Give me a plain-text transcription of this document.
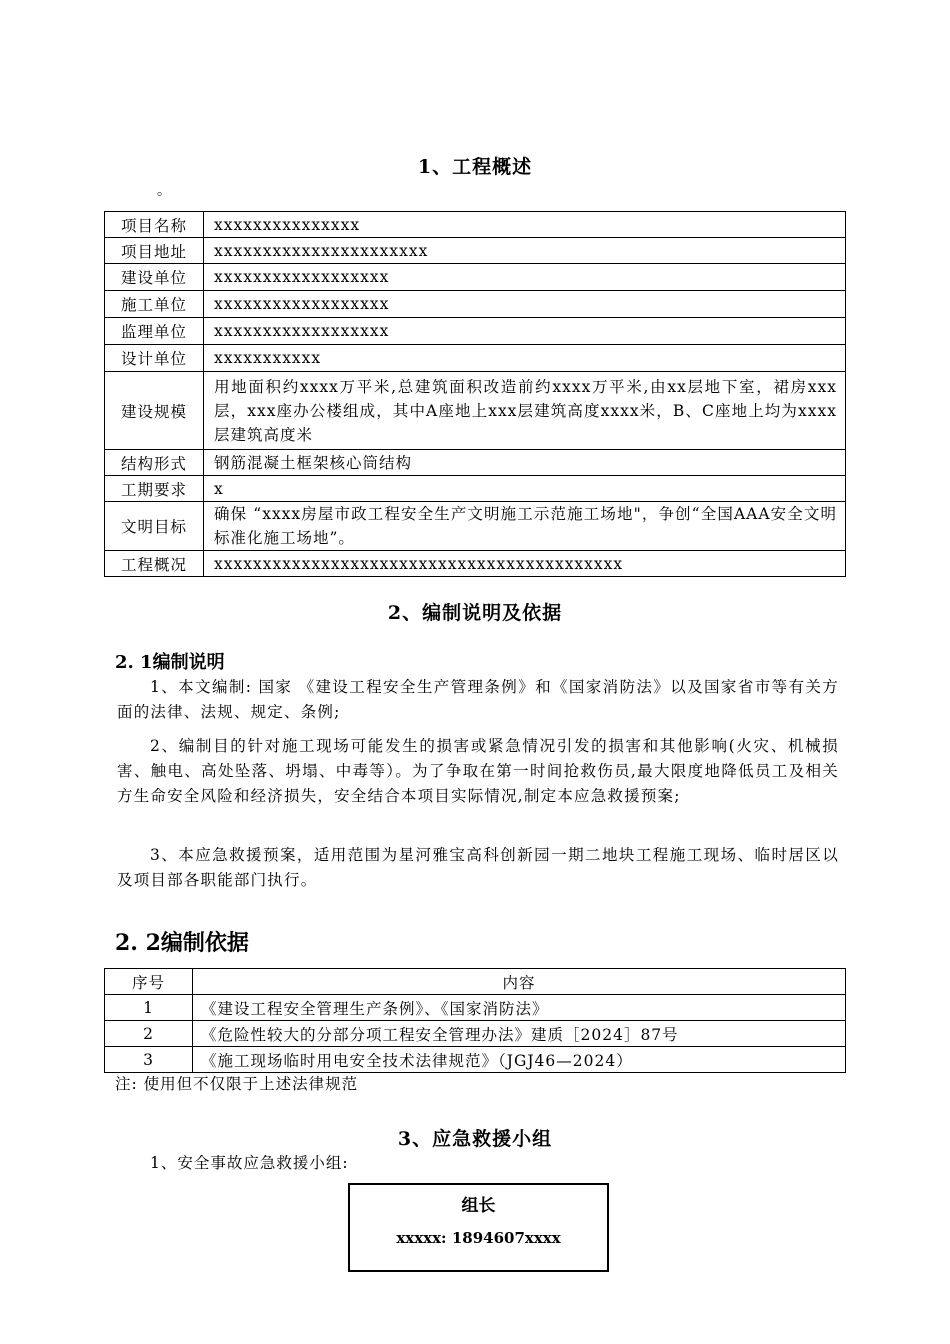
1、工程概述
。
项目名称	xxxxxxxxxxxxxxx
项目地址	xxxxxxxxxxxxxxxxxxxxxx
建设单位	xxxxxxxxxxxxxxxxxx
施工单位	xxxxxxxxxxxxxxxxxx
监理单位	xxxxxxxxxxxxxxxxxx
设计单位	xxxxxxxxxxx
建设规模	用地面积约xxxx万平米,总建筑面积改造前约xxxx万平米,由xx层地下室，裙房xxx层，xxx座办公楼组成，其中A座地上xxx层建筑高度xxxx米，B、C座地上均为xxxx层建筑高度米
结构形式	钢筋混凝土框架核心筒结构
工期要求	x
文明目标	确保 “xxxx房屋市政工程安全生产文明施工示范施工场地"，争创“全国AAA安全文明标准化施工场地”。
工程概况	xxxxxxxxxxxxxxxxxxxxxxxxxxxxxxxxxxxxxxxxxx
2、编制说明及依据
2. 1编制说明
1、本文编制: 国家 《建设工程安全生产管理条例》和《国家消防法》以及国家省市等有关方面的法律、法规、规定、条例;
2、编制目的针对施工现场可能发生的损害或紧急情况引发的损害和其他影响(火灾、机械损害、触电、高处坠落、坍塌、中毒等）。为了争取在第一时间抢救伤员,最大限度地降低员工及相关方生命安全风险和经济损失，安全结合本项目实际情况,制定本应急救援预案;
3、本应急救援预案，适用范围为星河雅宝高科创新园一期二地块工程施工现场、临时居区以及项目部各职能部门执行。
2. 2编制依据
序号	内容
1	《建设工程安全管理生产条例》、《国家消防法》
2	《危险性较大的分部分项工程安全管理办法》建质［2024］87号
3	《施工现场临时用电安全技术法律规范》（JGJ46—2024）
注: 使用但不仅限于上述法律规范
3、应急救援小组
1、安全事故应急救援小组:
组长
xxxxx: 1894607xxxx
